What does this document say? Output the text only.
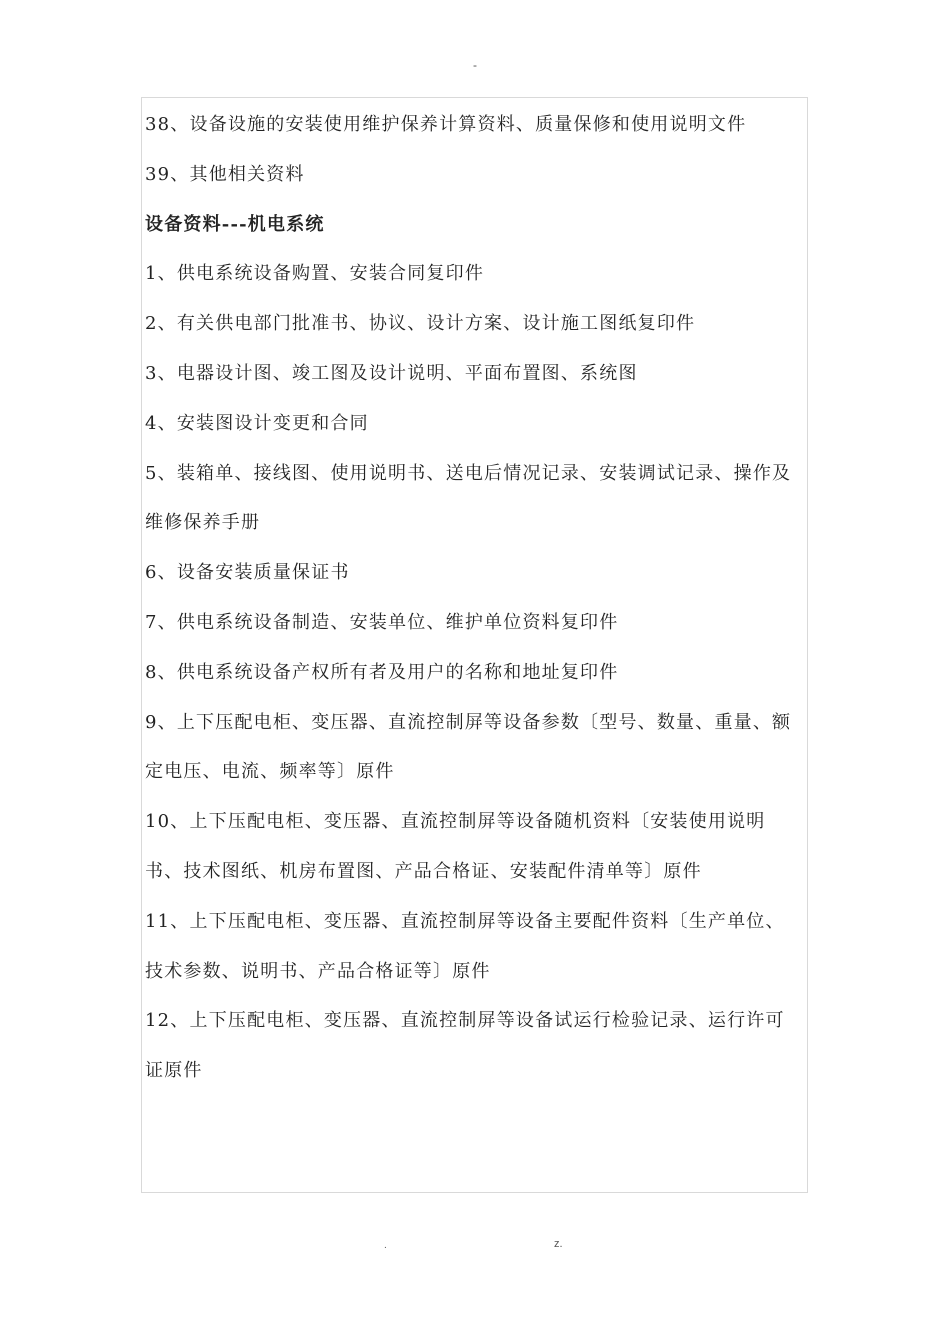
-

38、设备设施的安装使用维护保养计算资料、质量保修和使用说明文件

39、其他相关资料

设备资料---机电系统

1、供电系统设备购置、安装合同复印件

2、有关供电部门批准书、协议、设计方案、设计施工图纸复印件

3、电器设计图、竣工图及设计说明、平面布置图、系统图

4、安装图设计变更和合同

5、装箱单、接线图、使用说明书、送电后情况记录、安装调试记录、操作及维修保养手册

6、设备安装质量保证书

7、供电系统设备制造、安装单位、维护单位资料复印件

8、供电系统设备产权所有者及用户的名称和地址复印件

9、上下压配电柜、变压器、直流控制屏等设备参数〔型号、数量、重量、额定电压、电流、频率等〕原件

10、上下压配电柜、变压器、直流控制屏等设备随机资料〔安装使用说明书、技术图纸、机房布置图、产品合格证、安装配件清单等〕原件

11、上下压配电柜、变压器、直流控制屏等设备主要配件资料〔生产单位、技术参数、说明书、产品合格证等〕原件

12、上下压配电柜、变压器、直流控制屏等设备试运行检验记录、运行许可证原件

.	z.
